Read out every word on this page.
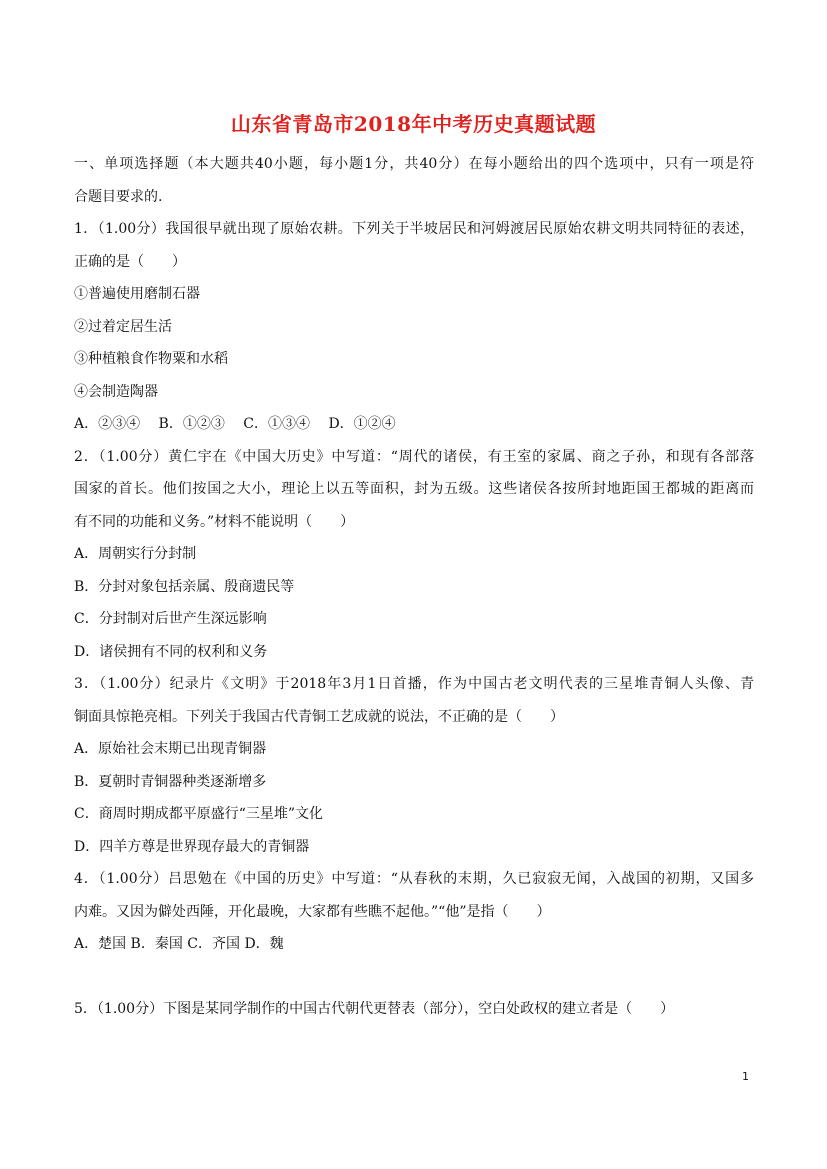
山东省青岛市2018年中考历史真题试题
一、单项选择题（本大题共40小题，每小题1分，共40分）在每小题给出的四个选项中，只有一项是符
合题目要求的.
1．（1.00分）我国很早就出现了原始农耕。下列关于半坡居民和河姆渡居民原始农耕文明共同特征的表述，
正确的是（　　）
①普遍使用磨制石器
②过着定居生活
③种植粮食作物粟和水稻
④会制造陶器
A．②③④　 B．①②③　 C．①③④　 D．①②④
2．（1.00分）黄仁宇在《中国大历史》中写道：“周代的诸侯，有王室的家属、商之子孙，和现有各部落
国家的首长。他们按国之大小，理论上以五等面积，封为五级。这些诸侯各按所封地距国王都城的距离而
有不同的功能和义务。”材料不能说明（　　）
A．周朝实行分封制
B．分封对象包括亲属、殷商遗民等
C．分封制对后世产生深远影响
D．诸侯拥有不同的权利和义务
3．（1.00分）纪录片《文明》于2018年3月1日首播，作为中国古老文明代表的三星堆青铜人头像、青
铜面具惊艳亮相。下列关于我国古代青铜工艺成就的说法，不正确的是（　　）
A．原始社会末期已出现青铜器
B．夏朝时青铜器种类逐渐增多
C．商周时期成都平原盛行“三星堆”文化
D．四羊方尊是世界现存最大的青铜器
4．（1.00分）吕思勉在《中国的历史》中写道：“从春秋的末期，久已寂寂无闻，入战国的初期，又国多
内难。又因为僻处西陲，开化最晚，大家都有些瞧不起他。”“他”是指（　　）
A．楚国 B．秦国 C．齐国 D．魏
5．（1.00分）下图是某同学制作的中国古代朝代更替表（部分），空白处政权的建立者是（　　）
1
